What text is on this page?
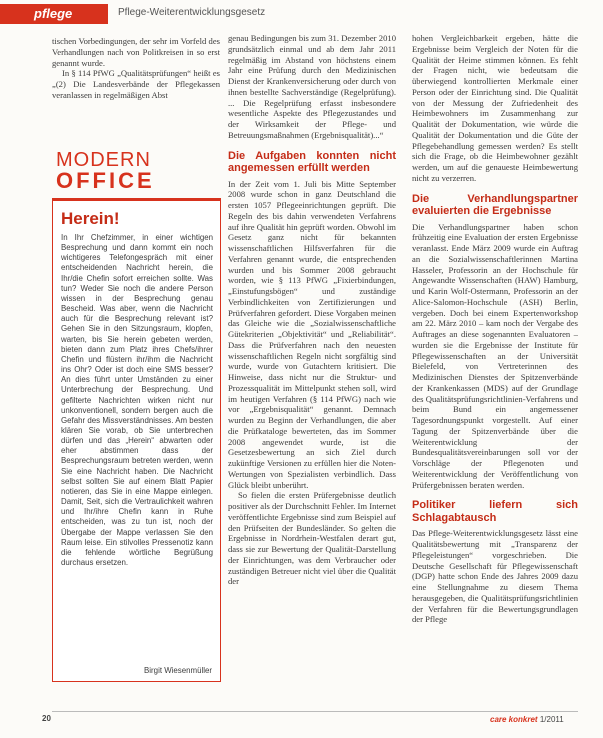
pflege	Pflege-Weiterentwicklungsgesetz

tischen Vorbedingungen, der sehr im Vorfeld des Verhandlungen nach von Politkreisen in so erst genannt wurde.

In § 114 PfWG „Qualitätsprüfungen“ heißt es „(2) Die Landesverbände der Pflegekassen veranlassen in regelmäßigen Abst

MODERN
OFFICE
Herein!
In Ihr Chefzimmer, in einer wichtigen Besprechung und dann kommt ein noch wichtigeres Telefongespräch mit einer entscheidenden Nachricht herein, die Ihr/die Chefin sofort erreichen sollte. Was tun? Weder Sie noch die andere Person wissen in der Besprechung genau Bescheid. Was aber, wenn die Nachricht auch für die Besprechung relevant ist? Gehen Sie in den Sitzungsraum, klopfen, warten, bis Sie herein gebeten werden, bieten dann zum Platz ihres Chefs/ihrer Chefin und flüstern ihr/ihm die Nachricht ins Ohr? Oder ist doch eine SMS besser? An dies führt unter Umständen zu einer Unterbrechung der Besprechung. Und gefilterte Nachrichten wirken nicht nur unkonventionell, sondern bergen auch die Gefahr des Missverständnisses. Am besten klären Sie vorab, ob Sie unterbrechen dürfen und das „Herein“ abwarten oder eher abstimmen dass der Besprechungsraum betreten werden, wenn Sie eine Nachricht haben. Die Nachricht selbst sollten Sie auf einem Blatt Papier notieren, das Sie in eine Mappe einlegen. Damit, Seit, sich die Vertraulichkeit wahren und Ihr/ihre Chefin kann in Ruhe entscheiden, was zu tun ist, noch der Übergabe der Mappe verlassen Sie den Raum leise. Ein stilvolles Pressenotiz kann die fehlende wörtliche Begrüßung durchaus ersetzen.
Birgit Wiesenmüller

genau Bedingungen bis zum 31. Dezember 2010 grundsätzlich einmal und ab dem Jahr 2011 regelmäßig im Abstand von höchstens einem Jahr eine Prüfung durch den Medizinischen Dienst der Krankenversicherung oder durch von ihnen bestellte Sachverständige (Regelprüfung). ... Die Regelprüfung erfasst insbesondere wesentliche Aspekte des Pflegezustandes und der Wirksamkeit der Pflege- und Betreuungsmaßnahmen (Ergebnisqualität)...“

Die Aufgaben konnten nicht angemessen erfüllt werden

In der Zeit vom 1. Juli bis Mitte September 2008 wurde schon in ganz Deutschland die ersten 1057 Pflegeeinrichtungen geprüft. Die Regeln des bis dahin verwendeten Verfahrens auf ihre Qualität hin geprüft worden. Obwohl im Gesetz ganz nicht für bekannten wissenschaftlichen Hilfsverfahren für die Verfahren genannt wurde, die entsprechenden wurden und bis Sommer 2008 gebraucht worden, wie § 113 PfWG „Fixierbindungen, „Einstufungsbögen“ und zuständige Verbindlichkeiten von Zertifizierungen und Prüfverfahren gefordert. Diese Vorgaben meinen das Gleiche wie die „Sozialwissenschaftliche Gütekriterien „Objektivität“ und „Reliabilität“. Dass die Prüfverfahren nach den neuesten wissenschaftlichen Regeln nicht sorgfältig sind wurde, wurde von Gutachtern kritisiert. Die Hinweise, dass nicht nur die Struktur- und Prozessqualität im Mittelpunkt stehen soll, wird im heutigen Verfahren (§ 114 PfWG) nach wie vor „Ergebnisqualität“ genannt. Demnach wurden zu Beginn der Verhandlungen, die aber die Prüfkataloge bewerteten, das im Sommer 2008 angewendet wurde, ist die Gesetzesbewertung an sich Ziel durch zukünftige Versionen zu erfüllen hier die Noten-Wertungen von Spezialisten verbindlich. Dass Glück bleibt unberührt.

So fielen die ersten Prüfergebnisse deutlich positiver als der Durchschnitt Fehler. Im Internet veröffentlichte Ergebnisse sind zum Beispiel auf den Prüfseiten der Bundesländer. So gelten die Ergebnisse in Nordrhein-Westfalen derart gut, dass sie zur Bewertung der Qualität-Darstellung der Einrichtungen, was dem Verbraucher oder zuständigen Betreuer nicht viel über die Qualität der

hohen Vergleichbarkeit ergeben, hätte die Ergebnisse beim Vergleich der Noten für die Qualität der Heime stimmen können. Es fehlt der Fragen nicht, wie bedeutsam die überwiegend kontrollierten Merkmale einer Person oder der Einrichtung sind. Die Qualität von der Messung der Zufriedenheit des Heimbewohners im Zusammenhang zur Qualität der Dokumentation, wie würde die Qualität der Dokumentation und die Güte der Pflegebehandlung gemessen werden? Es stellt sich die Frage, ob die Heimbewohner gezählt werden, um auf die genaueste Heimbewertung nicht zu verzerren.

Die Verhandlungspartner evaluierten die Ergebnisse

Die Verhandlungspartner haben schon frühzeitig eine Evaluation der ersten Ergebnisse veranlasst. Ende März 2009 wurde ein Auftrag an die Sozialwissenschaftlerinnen Martina Hasseler, Professorin an der Hochschule für Angewandte Wissenschaften (HAW) Hamburg, und Karin Wolf-Ostermann, Professorin an der Alice-Salomon-Hochschule (ASH) Berlin, vergeben. Doch bei einem Expertenworkshop am 22. März 2010 – kam noch der Vergabe des Auftrages an diese sogenannten Evaluatoren – wurden sie die Ergebnisse der Institute für Pflegewissenschaften an der Universität Bielefeld, von Vertreterinnen des Medizinischen Dienstes der Spitzenverbände der Krankenkassen (MDS) auf der Grundlage des Qualitätsprüfungsrichtlinien-Verfahrens und beim Bund ein angemessener Tagesordnungspunkt vorgestellt. Auf einer Tagung der Spitzenverbände über die Weiterentwicklung der Bundesqualitätsvereinbarungen soll vor der Vorschläge der Pflegenoten und Weiterentwicklung der Veröffentlichung von Prüfergebnissen beraten werden.

Politiker liefern sich Schlagabtausch

Das Pflege-Weiterentwicklungsgesetz lässt eine Qualitätsbewertung mit „Transparenz der Pflegeleistungen“ vorgeschrieben. Die Deutsche Gesellschaft für Pflegewissenschaft (DGP) hatte schon Ende des Jahres 2009 dazu eine Stellungnahme zu diesem Thema herausgegeben, die Qualitätsprüfungsrichtlinien der Verfahren für die Bewertungsgrundlagen der Pflege

20	care konkret 1/2011
